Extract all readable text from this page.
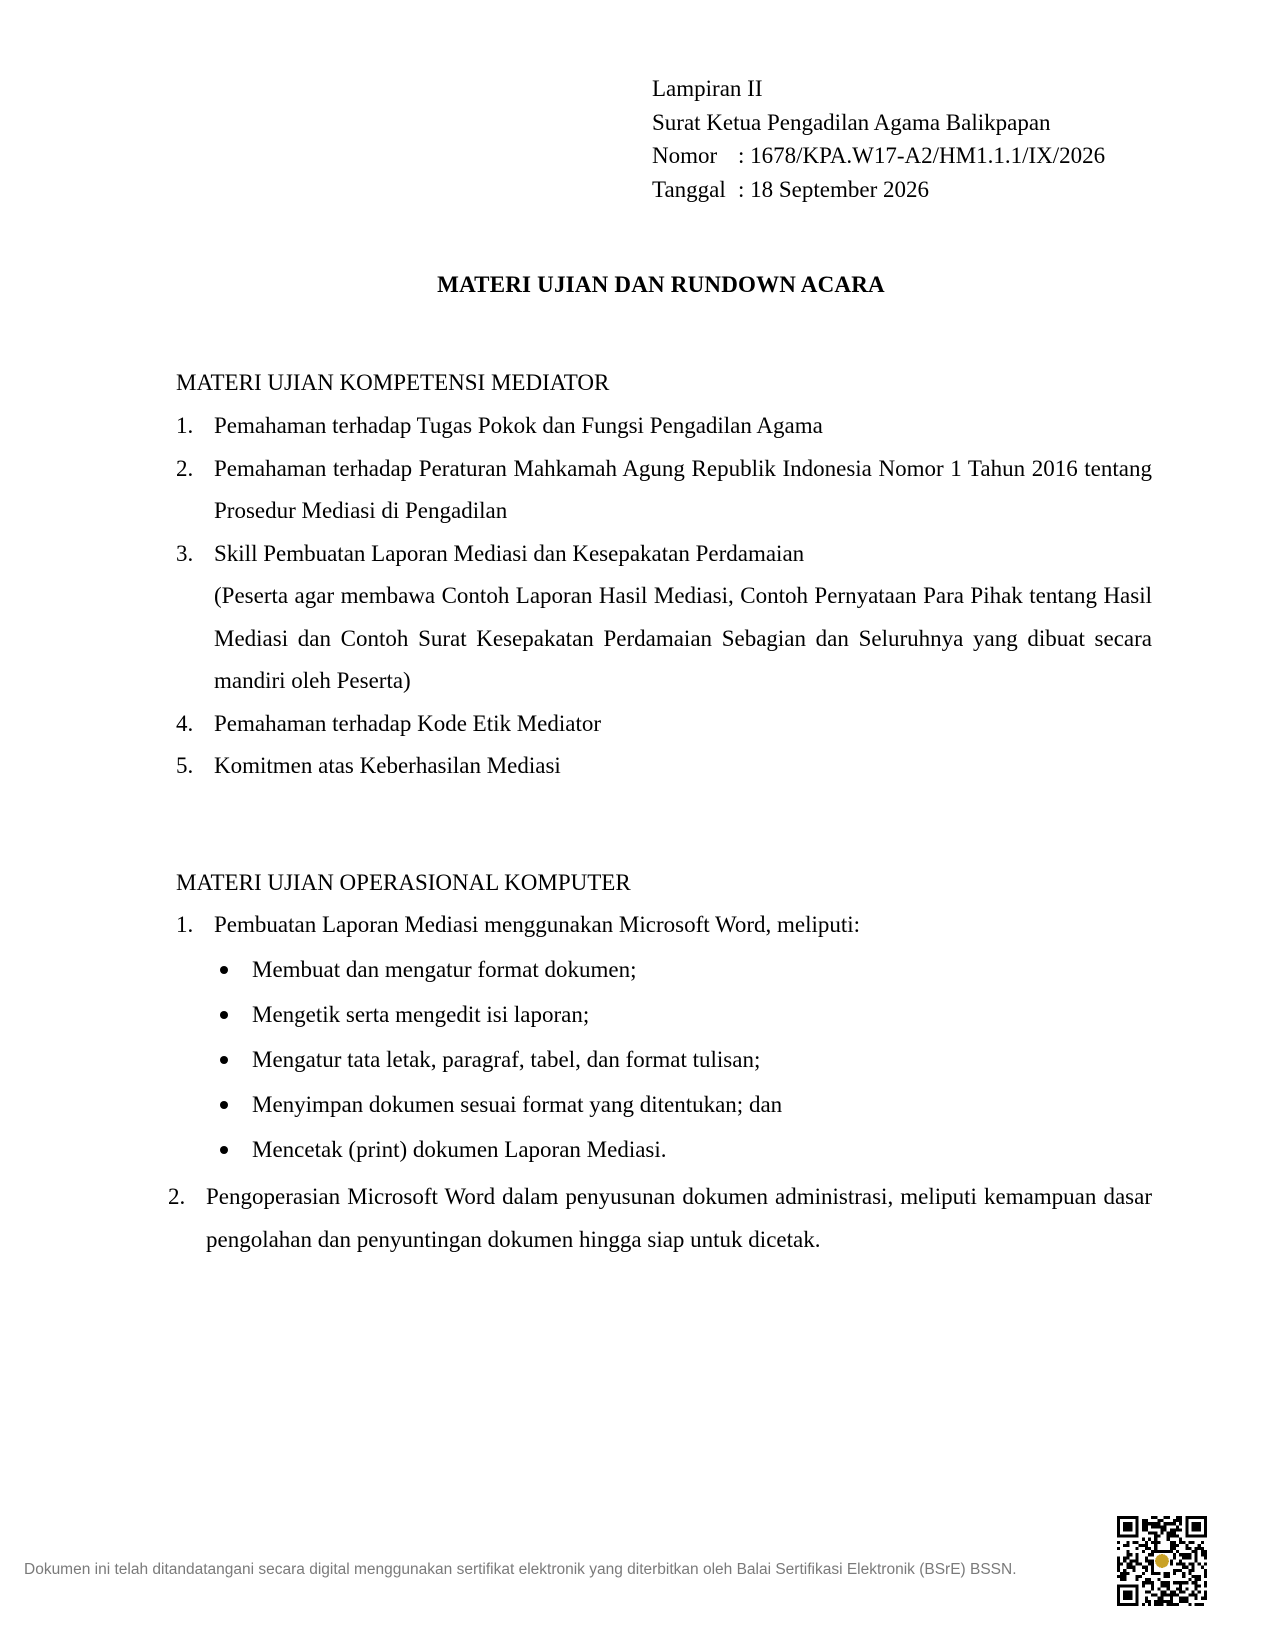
Lampiran II
Surat Ketua Pengadilan Agama Balikpapan
Nomor : 1678/KPA.W17-A2/HM1.1.1/IX/2026
Tanggal : 18 September 2026
MATERI UJIAN DAN RUNDOWN ACARA
MATERI UJIAN KOMPETENSI MEDIATOR
1. Pemahaman terhadap Tugas Pokok dan Fungsi Pengadilan Agama
2. Pemahaman terhadap Peraturan Mahkamah Agung Republik Indonesia Nomor 1 Tahun 2016 tentang Prosedur Mediasi di Pengadilan
3. Skill Pembuatan Laporan Mediasi dan Kesepakatan Perdamaian
(Peserta agar membawa Contoh Laporan Hasil Mediasi, Contoh Pernyataan Para Pihak tentang Hasil Mediasi dan Contoh Surat Kesepakatan Perdamaian Sebagian dan Seluruhnya yang dibuat secara mandiri oleh Peserta)
4. Pemahaman terhadap Kode Etik Mediator
5. Komitmen atas Keberhasilan Mediasi
MATERI UJIAN OPERASIONAL KOMPUTER
1. Pembuatan Laporan Mediasi menggunakan Microsoft Word, meliputi:
Membuat dan mengatur format dokumen;
Mengetik serta mengedit isi laporan;
Mengatur tata letak, paragraf, tabel, dan format tulisan;
Menyimpan dokumen sesuai format yang ditentukan; dan
Mencetak (print) dokumen Laporan Mediasi.
2. Pengoperasian Microsoft Word dalam penyusunan dokumen administrasi, meliputi kemampuan dasar pengolahan dan penyuntingan dokumen hingga siap untuk dicetak.
Dokumen ini telah ditandatangani secara digital menggunakan sertifikat elektronik yang diterbitkan oleh Balai Sertifikasi Elektronik (BSrE) BSSN.
